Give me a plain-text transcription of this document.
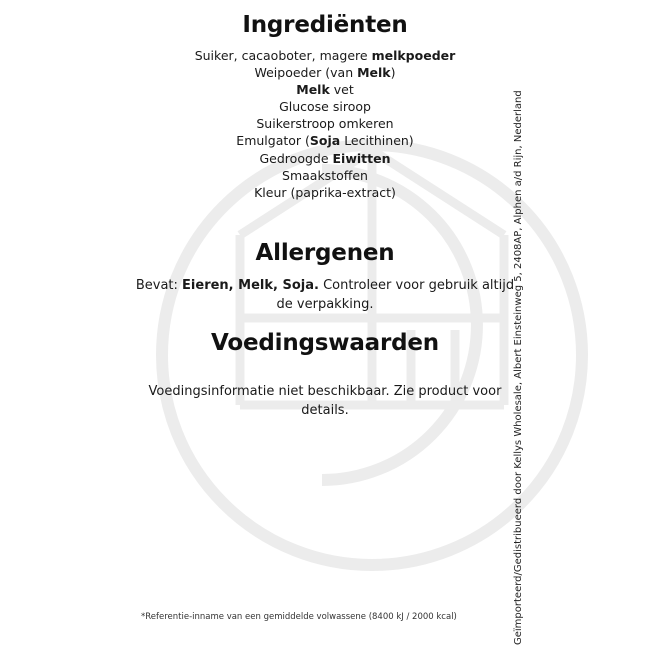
Ingrediënten
Suiker, cacaoboter, magere melkpoeder
Weipoeder (van Melk)
Melk vet
Glucose siroop
Suikerstroop omkeren
Emulgator (Soja Lecithinen)
Gedroogde Eiwitten
Smaakstoffen
Kleur (paprika-extract)
Allergenen
Bevat: Eieren, Melk, Soja. Controleer voor gebruik altijd
de verpakking.
Voedingswaarden
Voedingsinformatie niet beschikbaar. Zie product voor
details.
*Referentie-inname van een gemiddelde volwassene (8400 kJ / 2000 kcal)	Geïmporteerd/Gedistribueerd door Kellys Wholesale, Albert Einsteinweg 5, 2408AP, Alphen a/d Rijn, Nederland
